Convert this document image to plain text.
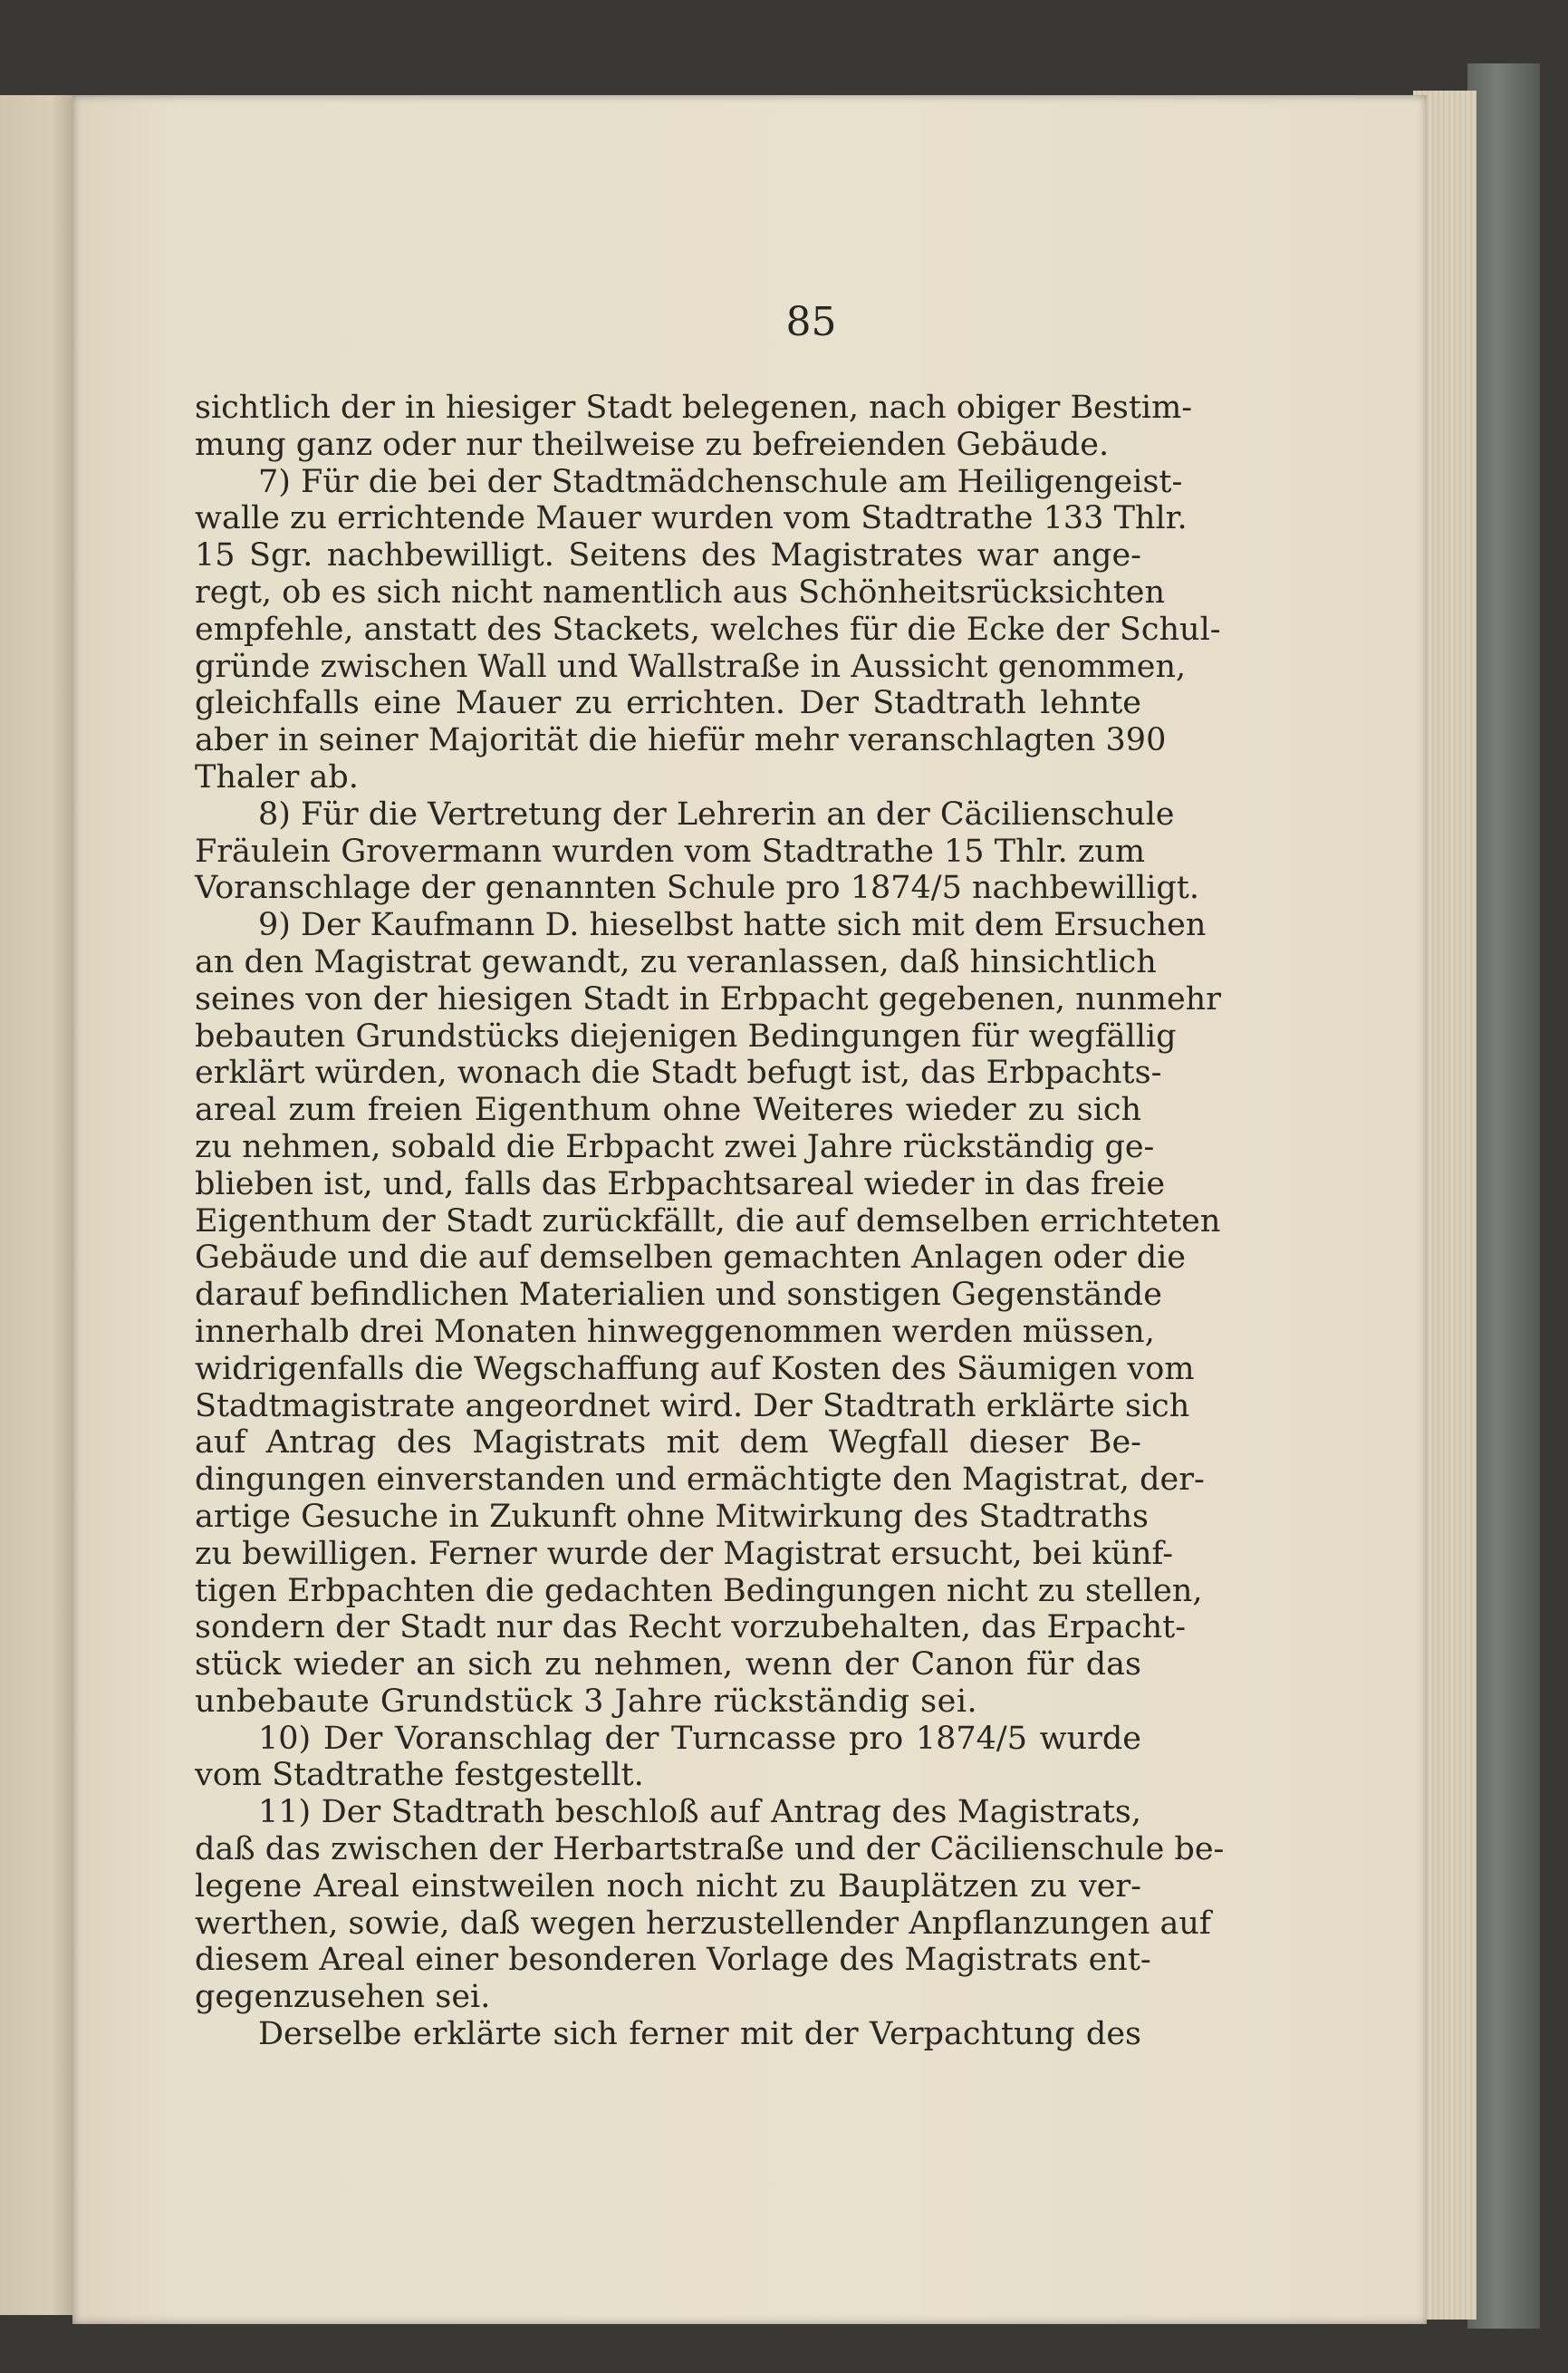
85
sichtlich der in hiesiger Stadt belegenen, nach obiger Bestim-
mung ganz oder nur theilweise zu befreienden Gebäude.
7) Für die bei der Stadtmädchenschule am Heiligengeist-
walle zu errichtende Mauer wurden vom Stadtrathe 133 Thlr.
15 Sgr. nachbewilligt. Seitens des Magistrates war ange-
regt, ob es sich nicht namentlich aus Schönheitsrücksichten
empfehle, anstatt des Stackets, welches für die Ecke der Schul-
gründe zwischen Wall und Wallstraße in Aussicht genommen,
gleichfalls eine Mauer zu errichten. Der Stadtrath lehnte
aber in seiner Majorität die hiefür mehr veranschlagten 390
Thaler ab.
8) Für die Vertretung der Lehrerin an der Cäcilienschule
Fräulein Grovermann wurden vom Stadtrathe 15 Thlr. zum
Voranschlage der genannten Schule pro 1874/5 nachbewilligt.
9) Der Kaufmann D. hieselbst hatte sich mit dem Ersuchen
an den Magistrat gewandt, zu veranlassen, daß hinsichtlich
seines von der hiesigen Stadt in Erbpacht gegebenen, nunmehr
bebauten Grundstücks diejenigen Bedingungen für wegfällig
erklärt würden, wonach die Stadt befugt ist, das Erbpachts-
areal zum freien Eigenthum ohne Weiteres wieder zu sich
zu nehmen, sobald die Erbpacht zwei Jahre rückständig ge-
blieben ist, und, falls das Erbpachtsareal wieder in das freie
Eigenthum der Stadt zurückfällt, die auf demselben errichteten
Gebäude und die auf demselben gemachten Anlagen oder die
darauf befindlichen Materialien und sonstigen Gegenstände
innerhalb drei Monaten hinweggenommen werden müssen,
widrigenfalls die Wegschaffung auf Kosten des Säumigen vom
Stadtmagistrate angeordnet wird. Der Stadtrath erklärte sich
auf Antrag des Magistrats mit dem Wegfall dieser Be-
dingungen einverstanden und ermächtigte den Magistrat, der-
artige Gesuche in Zukunft ohne Mitwirkung des Stadtraths
zu bewilligen. Ferner wurde der Magistrat ersucht, bei künf-
tigen Erbpachten die gedachten Bedingungen nicht zu stellen,
sondern der Stadt nur das Recht vorzubehalten, das Erpacht-
stück wieder an sich zu nehmen, wenn der Canon für das
unbebaute Grundstück 3 Jahre rückständig sei.
10) Der Voranschlag der Turncasse pro 1874/5 wurde
vom Stadtrathe festgestellt.
11) Der Stadtrath beschloß auf Antrag des Magistrats,
daß das zwischen der Herbartstraße und der Cäcilienschule be-
legene Areal einstweilen noch nicht zu Bauplätzen zu ver-
werthen, sowie, daß wegen herzustellender Anpflanzungen auf
diesem Areal einer besonderen Vorlage des Magistrats ent-
gegenzusehen sei.
Derselbe erklärte sich ferner mit der Verpachtung des
